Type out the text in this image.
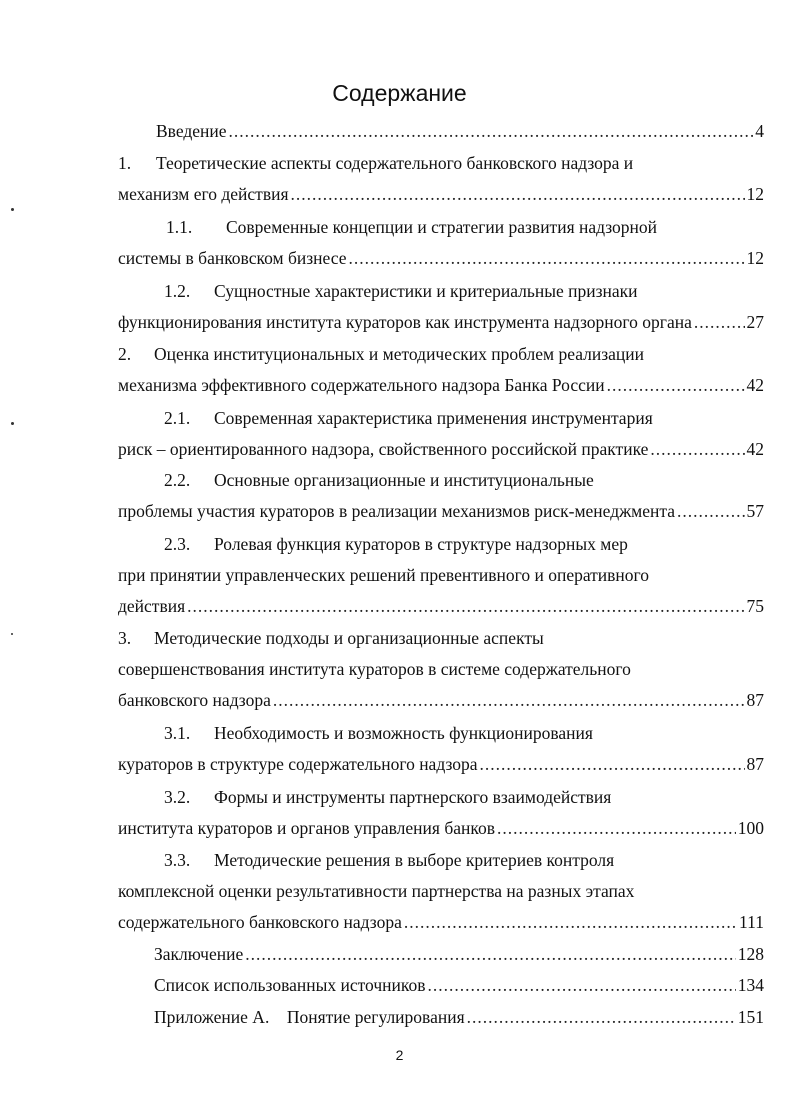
Содержание
Введение .....	4
1. Теоретические аспекты содержательного банковского надзора и
механизм его действия .....	12
1.1. Современные концепции и стратегии развития надзорной
системы в банковском бизнесе .....	12
1.2. Сущностные характеристики и критериальные признаки
функционирования института кураторов как инструмента надзорного органа .....	27
2. Оценка институциональных и методических проблем реализации
механизма эффективного содержательного надзора Банка России .....	42
2.1. Современная характеристика применения инструментария
риск – ориентированного надзора, свойственного российской практике .....	42
2.2. Основные организационные и институциональные
проблемы участия кураторов в реализации механизмов риск-менеджмента .....	57
2.3. Ролевая функция кураторов в структуре надзорных мер
при принятии управленческих решений превентивного и оперативного
действия .....	75
3. Методические подходы и организационные аспекты
совершенствования института кураторов в системе содержательного
банковского надзора .....	87
3.1. Необходимость и возможность функционирования
кураторов в структуре содержательного надзора .....	87
3.2. Формы и инструменты партнерского взаимодействия
института кураторов и органов управления банков .....	100
3.3. Методические решения в выборе критериев контроля
комплексной оценки результативности партнерства на разных этапах
содержательного банковского надзора .....	111
Заключение .....	128
Список использованных источников .....	134
Приложение А.    Понятие регулирования .....	151
2
